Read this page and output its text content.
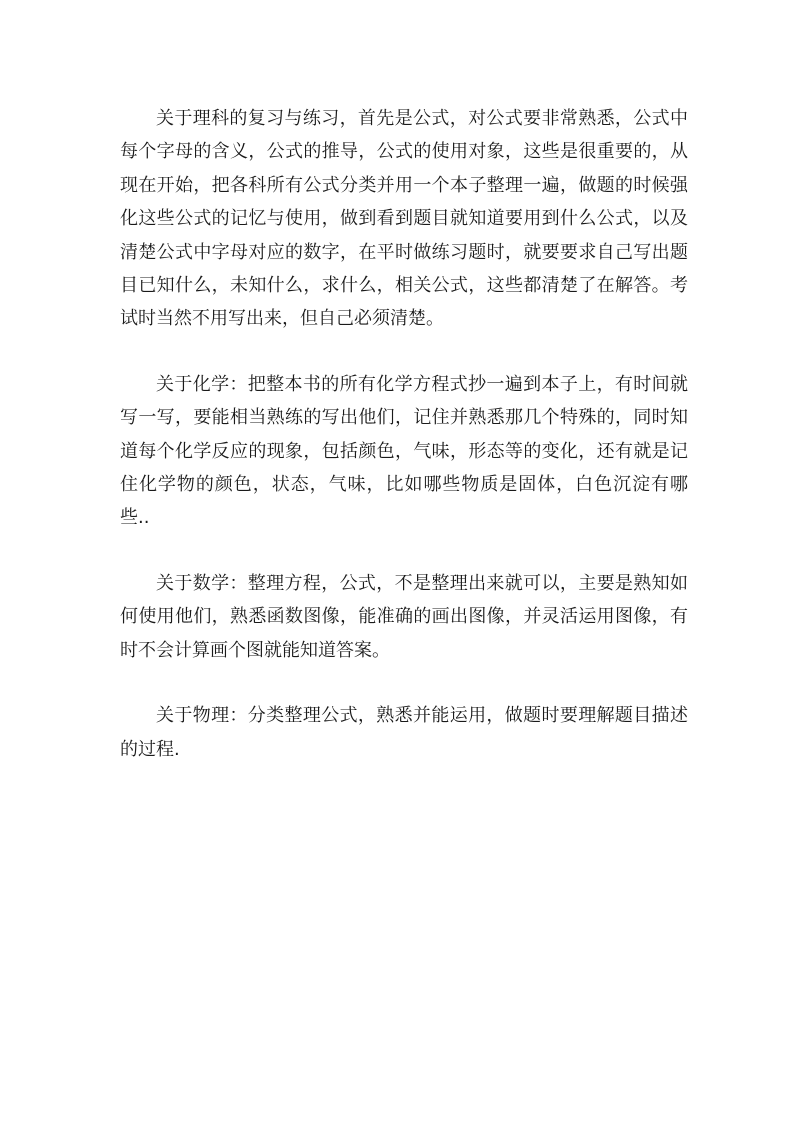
关于理科的复习与练习，首先是公式，对公式要非常熟悉，公式中每个字母的含义，公式的推导，公式的使用对象，这些是很重要的，从现在开始，把各科所有公式分类并用一个本子整理一遍，做题的时候强化这些公式的记忆与使用，做到看到题目就知道要用到什么公式，以及清楚公式中字母对应的数字，在平时做练习题时，就要要求自己写出题目已知什么，未知什么，求什么，相关公式，这些都清楚了在解答。考试时当然不用写出来，但自己必须清楚。

关于化学：把整本书的所有化学方程式抄一遍到本子上，有时间就写一写，要能相当熟练的写出他们，记住并熟悉那几个特殊的，同时知道每个化学反应的现象，包括颜色，气味，形态等的变化，还有就是记住化学物的颜色，状态，气味，比如哪些物质是固体，白色沉淀有哪些..

关于数学：整理方程，公式，不是整理出来就可以，主要是熟知如何使用他们，熟悉函数图像，能准确的画出图像，并灵活运用图像，有时不会计算画个图就能知道答案。

关于物理：分类整理公式，熟悉并能运用，做题时要理解题目描述的过程.
